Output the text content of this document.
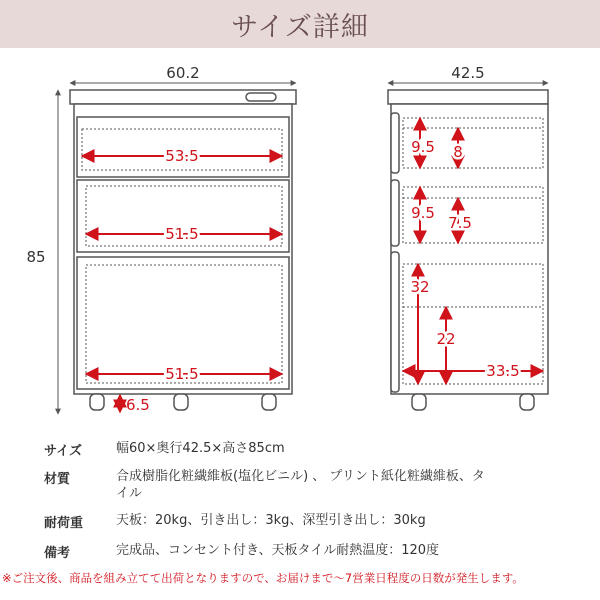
サイズ詳細
60.2
85
53.5
51.5
51.5
6.5
42.5
9.5 8
9.5
7.5
32
22
33.5
サイズ	幅60×奥行42.5×高さ85cm
材質	合成樹脂化粧繊維板(塩化ビニル) 、 プリント紙化粧繊維板、タイル
耐荷重	天板：20kg、引き出し：3kg、深型引き出し：30kg
備考	完成品、コンセント付き、天板タイル耐熱温度：120度
※ご注文後、商品を組み立てて出荷となりますので、お届けまで〜7営業日程度の日数が発生します。
